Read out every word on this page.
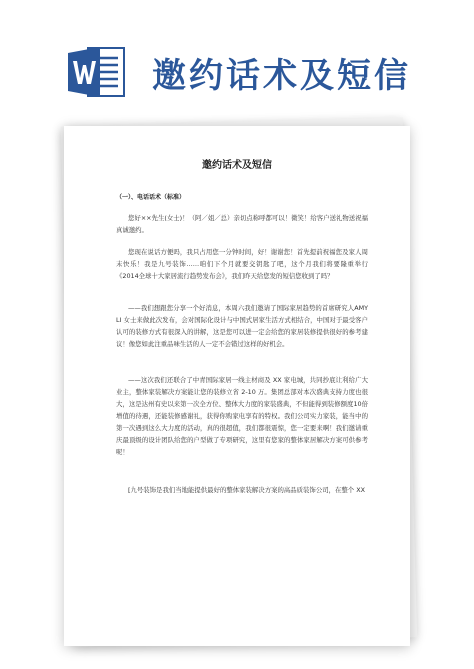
邀约话术及短信
邀约话术及短信
（一）、电话话术（标准）

您好××先生(女士)！（阿／姐／总）亲切点称呼都可以！微笑！给客户送礼物送祝福真诚邀约。

您现在说话方便吗，我只占用您一分钟时间，好！谢谢您！首先提前祝福您及家人周末快乐！我是九号装饰……咱们下个月就要交钥匙了吧，这个月我们将要隆重举行《2014全球十大家居流行趋势发布会》，我们昨天给您发的短信您收到了吗？

——我们想跟您分享一个好消息，本周六我们邀请了国际家居趋势的首席研究人AMY LI 女士来做此次发布，会对国际化设计与中国式居家生活方式相结合，中国对于最受客户认可的装修方式有很深入的讲解，这是您可以进一定会给您的家居装修提供很好的参考建议！像您如此注重品味生活的人一定不会错过这样的好机会。

——这次我们还联合了中青国际家居一线主材商及 XX 家电城，共同抄底让利给广大业主，整体家装解决方案能让您的装修立省 2-10 万。集团总部对本次盛典支持力度也很大，这是达州有史以来第一次全方位、整体大力度的家装盛典，不但能得到装修额度10倍增值的待遇，还能装修感谢礼，获得你购家电享有的特权。我们公司实力家装，能当中的第一次遇到这么大力度的活动，真的很超值，我们都很震惊，您一定要来啊！我们邀请重庆最顶级的设计团队给您的户型做了专项研究，这里有您家的整体家居解决方案可供参考呢！

[九号装饰是我们当地能提供最好的整体家装解决方案的高品质装饰公司，在整个 XX
